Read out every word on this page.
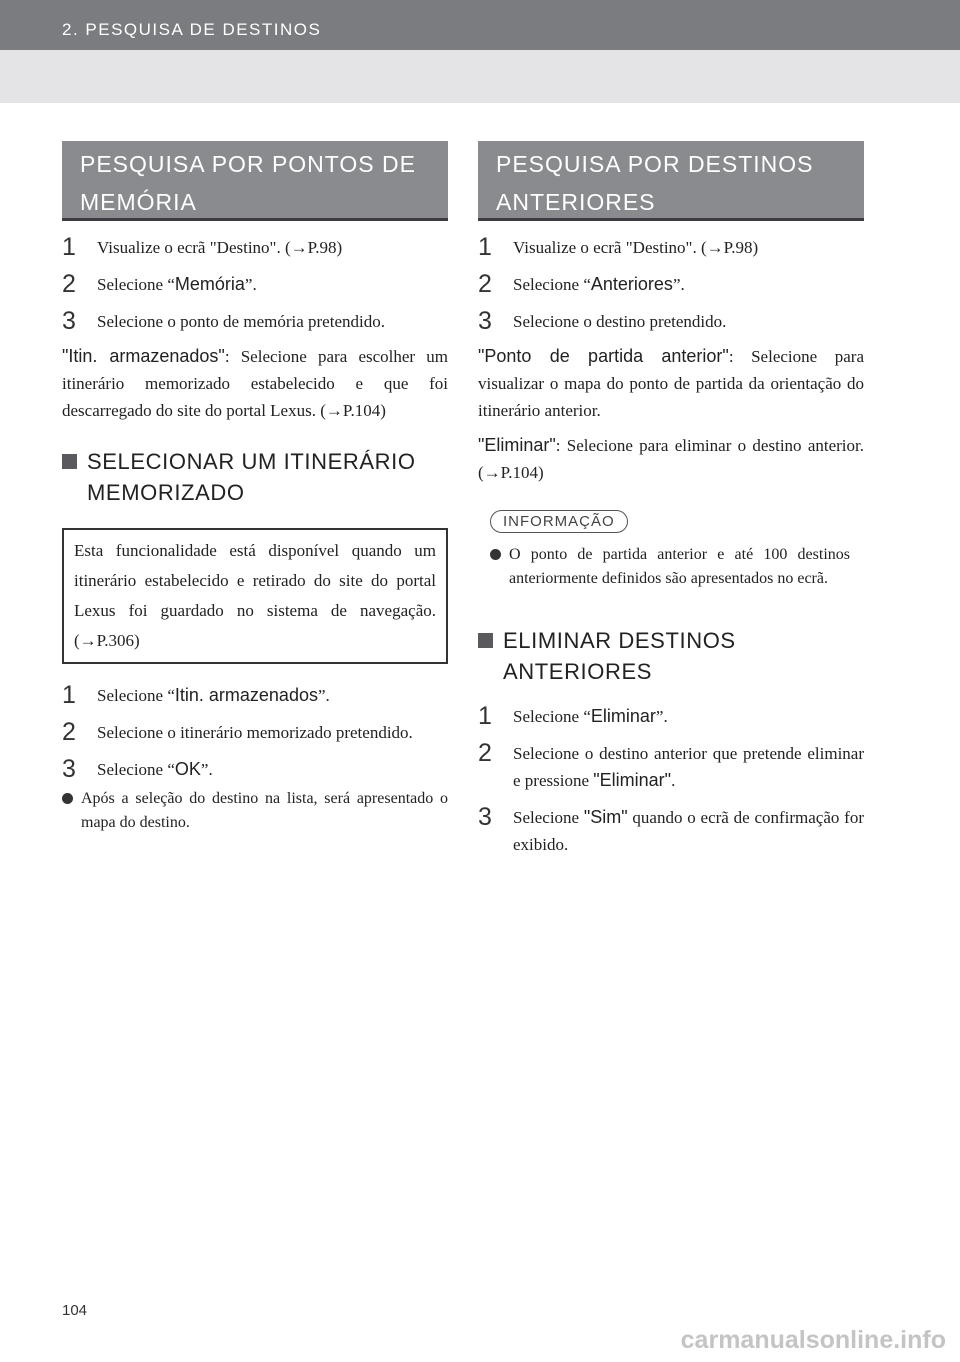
2. PESQUISA DE DESTINOS
PESQUISA POR PONTOS DE MEMÓRIA
1	Visualize o ecrã "Destino". (→P.98)
2	Selecione “Memória”.
3	Selecione o ponto de memória pretendido.
"Itin. armazenados": Selecione para escolher um itinerário memorizado estabelecido e que foi descarregado do site do portal Lexus. (→P.104)
SELECIONAR UM ITINERÁRIO MEMORIZADO
Esta funcionalidade está disponível quando um itinerário estabelecido e retirado do site do portal Lexus foi guardado no sistema de navegação. (→P.306)
1	Selecione “Itin. armazenados”.
2	Selecione o itinerário memorizado pretendido.
3	Selecione “OK”.
Após a seleção do destino na lista, será apresentado o mapa do destino.
PESQUISA POR DESTINOS ANTERIORES
1	Visualize o ecrã "Destino". (→P.98)
2	Selecione “Anteriores”.
3	Selecione o destino pretendido.
"Ponto de partida anterior": Selecione para visualizar o mapa do ponto de partida da orientação do itinerário anterior.
"Eliminar": Selecione para eliminar o destino anterior. (→P.104)
INFORMAÇÃO
O ponto de partida anterior e até 100 destinos anteriormente definidos são apresentados no ecrã.
ELIMINAR DESTINOS ANTERIORES
1	Selecione “Eliminar”.
2	Selecione o destino anterior que pretende eliminar e pressione "Eliminar".
3	Selecione "Sim" quando o ecrã de confirmação for exibido.
104
carmanualsonline.info
